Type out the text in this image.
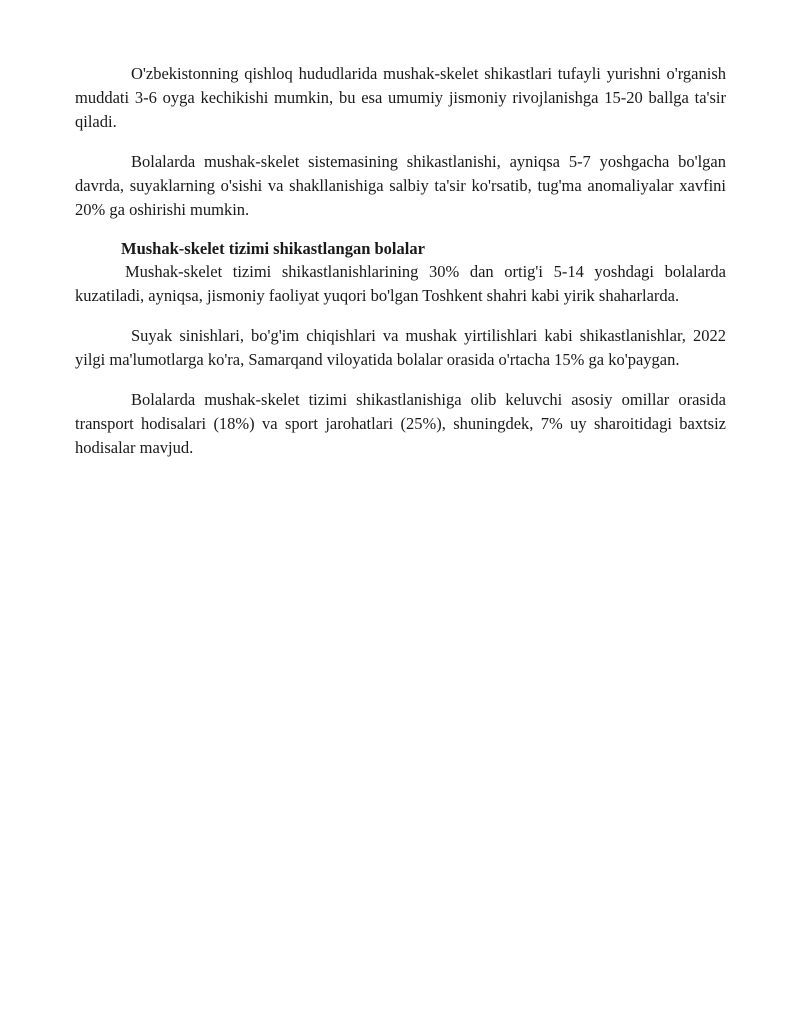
O'zbekistonning qishloq hududlarida mushak-skelet shikastlari tufayli yurishni o'rganish muddati 3-6 oyga kechikishi mumkin, bu esa umumiy jismoniy rivojlanishga 15-20 ballga ta'sir qiladi.

Bolalarda mushak-skelet sistemasining shikastlanishi, ayniqsa 5-7 yoshgacha bo'lgan davrda, suyaklarning o'sishi va shakllanishiga salbiy ta'sir ko'rsatib, tug'ma anomaliyalar xavfini 20% ga oshirishi mumkin.

Mushak-skelet tizimi shikastlangan bolalar

Mushak-skelet tizimi shikastlanishlarining 30% dan ortig'i 5-14 yoshdagi bolalarda kuzatiladi, ayniqsa, jismoniy faoliyat yuqori bo'lgan Toshkent shahri kabi yirik shaharlarda.

Suyak sinishlari, bo'g'im chiqishlari va mushak yirtilishlari kabi shikastlanishlar, 2022 yilgi ma'lumotlarga ko'ra, Samarqand viloyatida bolalar orasida o'rtacha 15% ga ko'paygan.

Bolalarda mushak-skelet tizimi shikastlanishiga olib keluvchi asosiy omillar orasida transport hodisalari (18%) va sport jarohatlari (25%), shuningdek, 7% uy sharoitidagi baxtsiz hodisalar mavjud.
